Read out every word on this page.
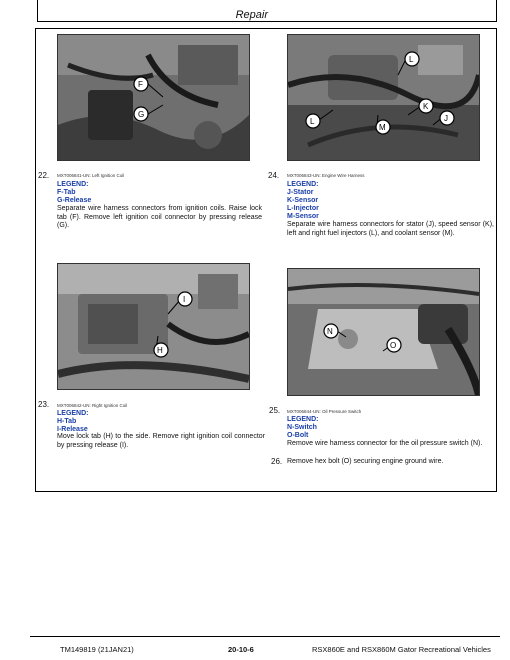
Repair
F
G
L
K
J
L
M
22. MXT006841-UN: Left Ignition Coil
LEGEND:
F-Tab
G-Release
Separate wire harness connectors from ignition coils. Raise lock tab (F). Remove left ignition coil connector by pressing release (G).
24. MXT006843-UN: Engine Wire Harness
LEGEND:
J-Stator
K-Sensor
L-Injector
M-Sensor
Separate wire harness connectors for stator (J), speed sensor (K), left and right fuel injectors (L), and coolant sensor (M).
I
H
N
O
23. MXT006842-UN: Right Ignition Coil
LEGEND:
H-Tab
I-Release
Move lock tab (H) to the side. Remove right ignition coil connector by pressing release (I).
25. MXT006844-UN: Oil Pressure Switch
LEGEND:
N-Switch
O-Bolt
Remove wire harness connector for the oil pressure switch (N).
26. Remove hex bolt (O) securing engine ground wire.
TM149819 (21JAN21)	20-10-6	RSX860E and RSX860M Gator Recreational Vehicles
